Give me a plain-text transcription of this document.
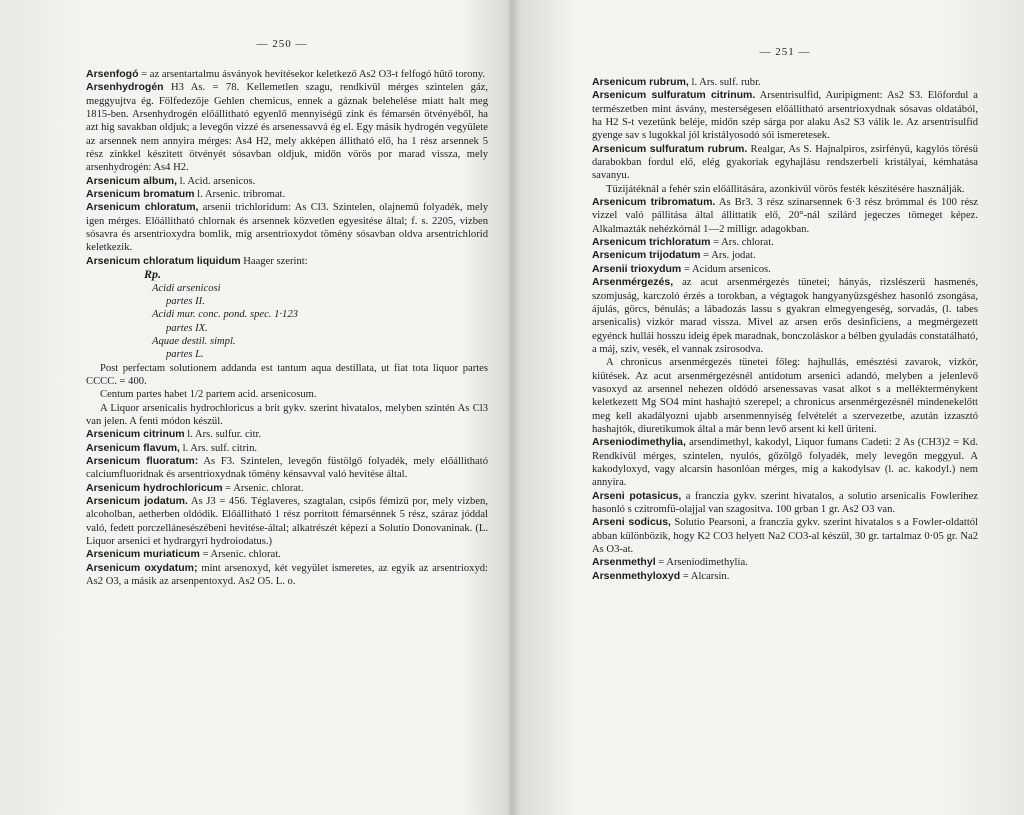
— 250 —

Arsenfogó = az arsentartalmu ásványok hevítésekor keletkező As2 O3-t felfogó hűtő torony.

Arsenhydrogén H3 As. = 78. Kellemetlen szagu, rendkivül mérges szintelen gáz, meggyujtva ég. Fölfedezője Gehlen chemicus, ennek a gáznak belehelése miatt halt meg 1815-ben. Arsenhydrogén előállitható egyenlő mennyiségű zink és fémarsén ötvényéből, ha azt híg savakban oldjuk; a levegőn vizzé és arsenessavvá ég el. Egy másik hydrogén vegyülete az arsennek nem annyira mérges: As4 H2, mely akképen állitható elő, ha 1 rész arsennek 5 rész zinkkel készitett ötvényét sósavban oldjuk, midőn vörös por marad vissza, mely arsenhydrogén: As4 H2.

Arsenicum album, l. Acid. arsenicos.

Arsenicum bromatum l. Arsenic. tribromat.

Arsenicum chloratum, arsenii trichloridum: As Cl3. Szintelen, olajnemü folyadék, mely igen mérges. Előállitható chlornak és arsennek közvetlen egyesitése által; f. s. 2205, vizben sósavra és arsentrioxydra bomlik, mig arsentrioxydot tömény sósavban oldva arsentrichlorid keletkezik.

Arsenicum chloratum liquidum Haager szerint:

Rp.
Acidi arsenicosi
partes II.
Acidi mur. conc. pond. spec. 1·123
partes IX.
Aquae destil. simpl.
partes L.

Post perfectam solutionem addanda est tantum aqua destillata, ut fiat tota liquor partes CCCC. = 400.

Centum partes habet 1/2 partem acid. arsenicosum.

A Liquor arsenicalis hydrochloricus a brit gykv. szerint hivatalos, melyben szintén As Cl3 van jelen. A fenti módon készül.

Arsenicum citrinum l. Ars. sulfur. citr.

Arsenicum flavum, l. Ars. sulf. citrin.

Arsenicum fluoratum: As F3. Szintelen, levegőn füstölgő folyadék, mely előállitható calciumfluoridnak és arsentrioxydnak tömény kénsavval való hevitése által.

Arsenicum hydrochloricum = Arsenic. chlorat.

Arsenicum jodatum. As J3 = 456. Téglaveres, szagtalan, csipős fémizü por, mely vizben, alcoholban, aetherben oldódik. Előállitható 1 rész porritott fémarsénnek 5 rész, száraz jóddal való, fedett porczellánesészébeni hevitése-által; alkatrészét képezi a Solutio Donovaninak. (L. Liquor arsenici et hydrargyri hydroiodatus.)

Arsenicum muriaticum = Arsenic. chlorat.

Arsenicum oxydatum; mint arsenoxyd, két vegyület ismeretes, az egyik az arsentrioxyd: As2 O3, a másik az arsenpentoxyd. As2 O5. L. o.

— 251 —

Arsenicum rubrum, l. Ars. sulf. rubr.

Arsenicum sulfuratum citrinum. Arsentrisulfid, Auripigment: As2 S3. Előfordul a természetben mint ásvány, mesterségesen előállitható arsentrioxydnak sósavas oldatából, ha H2 S-t vezetünk beléje, midőn szép sárga por alaku As2 S3 válik le. Az arsentrisulfid gyenge sav s lugokkal jól kristályosodó sói ismeretesek.

Arsenicum sulfuratum rubrum. Realgar, As S. Hajnalpiros, zsirfényü, kagylós törésü darabokban fordul elő, elég gyakoriak egyhajlásu rendszerbeli kristályai, kémhatása savanyu.

Tüzijátéknál a fehér szin előállitására, azonkivül vörös festék készitésére használják.

Arsenicum tribromatum. As Br3. 3 rész szinarsennek 6·3 rész brómmal és 100 rész vizzel való pállitása által állittatik elő, 20°-nál szilárd jegeczes tömeget képez. Alkalmazták nehézkórnál 1—2 milligr. adagokban.

Arsenicum trichloratum = Ars. chlorat.

Arsenicum trijodatum = Ars. jodat.

Arsenii trioxydum = Acidum arsenicos.

Arsenmérgezés, az acut arsenmérgezés tünetei; hányás, rizslészerü hasmenés, szomjuság, karczoló érzés a torokban, a végtagok hangyanyüzsgéshez hasonló zsongása, ájulás, görcs, bénulás; a lábadozás lassu s gyakran elmegyengeség, sorvadás, (l. tabes arsenicalis) vizkór marad vissza. Mivel az arsen erős desinficiens, a megmérgezett egyénck hullái hosszu ideig épek maradnak, bonczoláskor a bélben gyuladás constatálható, a máj, sziv, vesék, el vannak zsirosodva.

A chronicus arsenmérgezés tünetei főleg: hajhullás, emésztési zavarok, vizkór, kiütések. Az acut arsenmérgezésnél antidotum arsenici adandó, melyben a jelenlevő vasoxyd az arsennel nehezen oldódó arsenessavas vasat alkot s a mellékterménykent keletkezett Mg SO4 mint hashajtó szerepel; a chronicus arsenmérgezésnél mindenekelőtt meg kell akadályozni ujabb arsenmennyiség felvételét a szervezetbe, azután izzasztó hashajtók, diuretikumok által a már benn levő arsent ki kell üriteni.

Arseniodimethylia, arsendimethyl, kakodyl, Liquor fumans Cadeti: 2 As (CH3)2 = Kd. Rendkivül mérges, szintelen, nyulós, gőzölgő folyadék, mely levegőn meggyul. A kakodyloxyd, vagy alcarsin hasonlóan mérges, mig a kakodylsav (l. ac. kakodyl.) nem annyira.

Arseni potasicus, a franczia gykv. szerint hivatalos, a solutio arsenicalis Fowlerihez hasonló s czitromfü-olajjal van szagositva. 100 grban 1 gr. As2 O3 van.

Arseni sodicus, Solutio Pearsoni, a franczia gykv. szerint hivatalos s a Fowler-oldattól abban különbözik, hogy K2 CO3 helyett Na2 CO3-al készül, 30 gr. tartalmaz 0·05 gr. Na2 As O3-at.

Arsenmethyl = Arseniodimethylia.

Arsenmethyloxyd = Alcarsin.
